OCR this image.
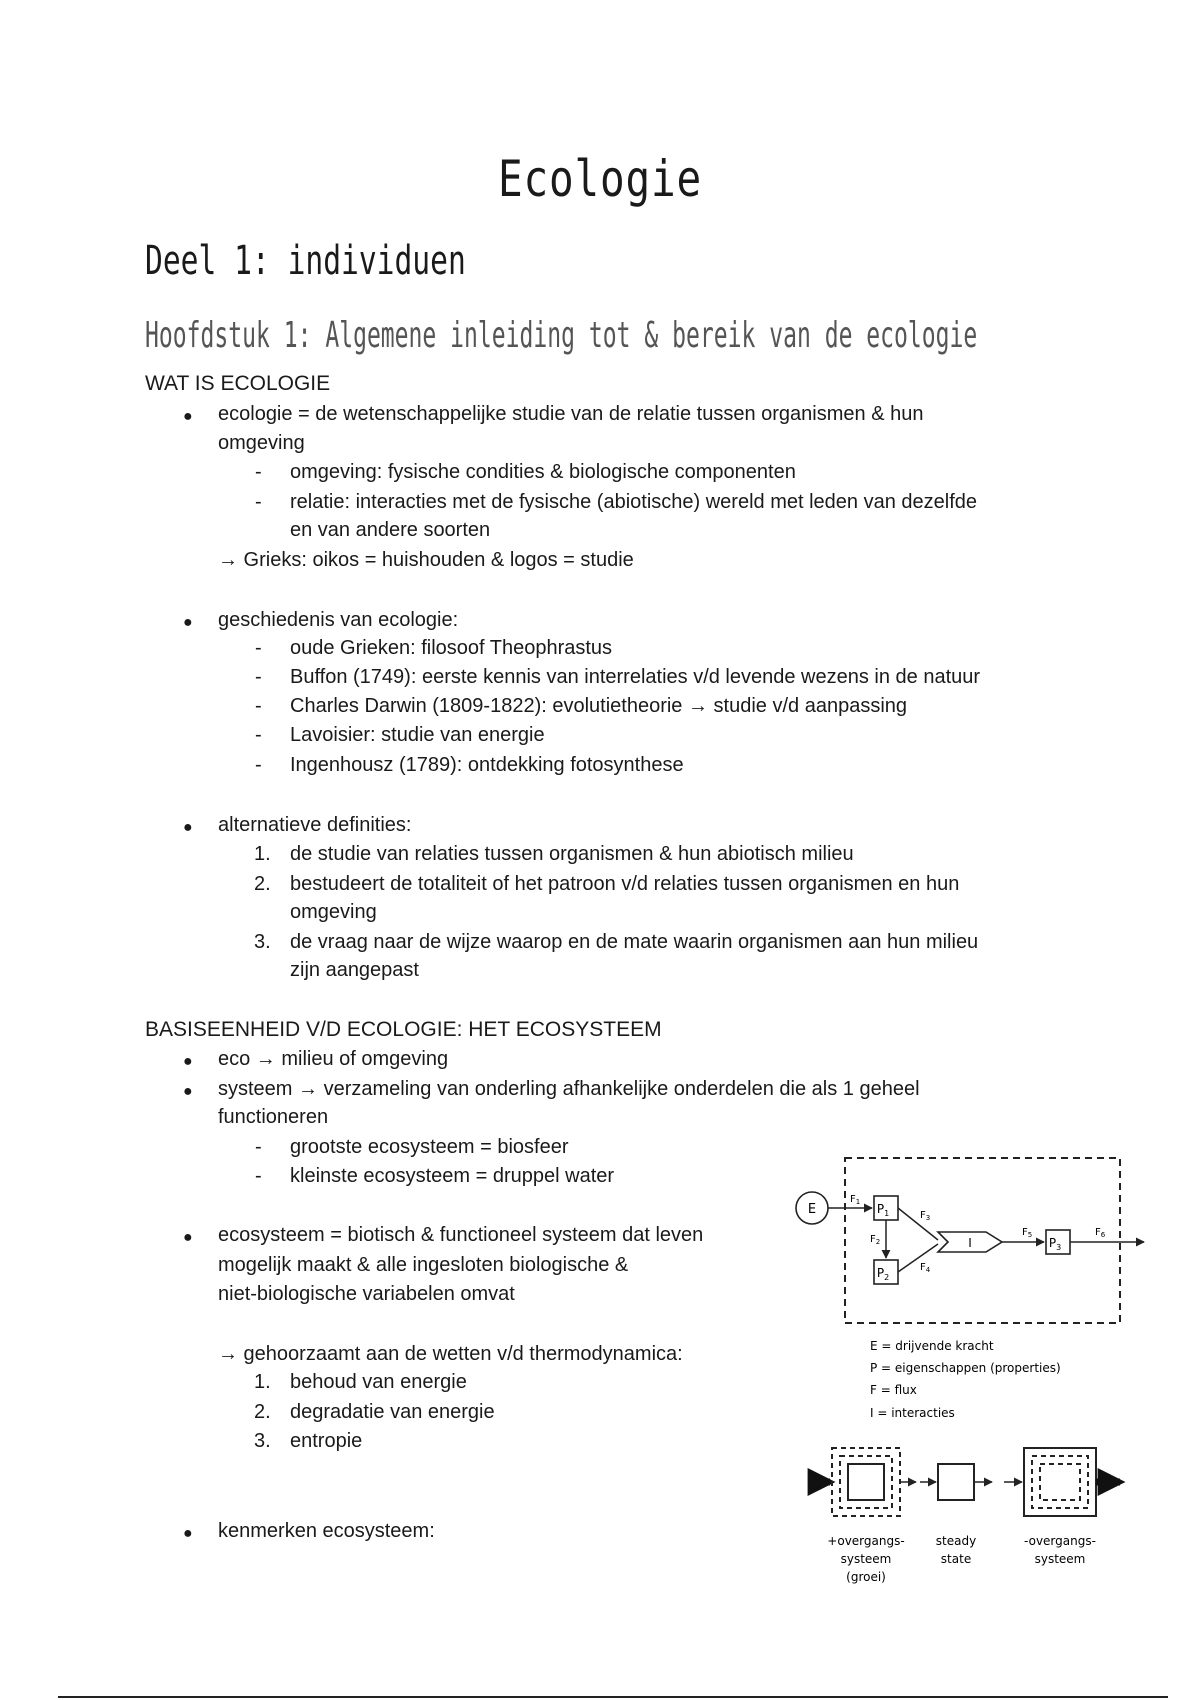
Ecologie
Deel 1: individuen
Hoofdstuk 1: Algemene inleiding tot & bereik van de ecologie
WAT IS ECOLOGIE
● ecologie = de wetenschappelijke studie van de relatie tussen organismen & hun
omgeving
- omgeving: fysische condities & biologische componenten
- relatie: interacties met de fysische (abiotische) wereld met leden van dezelfde
en van andere soorten
→ Grieks: oikos = huishouden & logos = studie
● geschiedenis van ecologie:
- oude Grieken: filosoof Theophrastus
- Buffon (1749): eerste kennis van interrelaties v/d levende wezens in de natuur
- Charles Darwin (1809-1822): evolutietheorie → studie v/d aanpassing
- Lavoisier: studie van energie
- Ingenhousz (1789): ontdekking fotosynthese
● alternatieve definities:
1. de studie van relaties tussen organismen & hun abiotisch milieu
2. bestudeert de totaliteit of het patroon v/d relaties tussen organismen en hun
omgeving
3. de vraag naar de wijze waarop en de mate waarin organismen aan hun milieu
zijn aangepast
BASISEENHEID V/D ECOLOGIE: HET ECOSYSTEEM
● eco → milieu of omgeving
● systeem → verzameling van onderling afhankelijke onderdelen die als 1 geheel
functioneren
- grootste ecosysteem = biosfeer
- kleinste ecosysteem = druppel water
● ecosysteem = biotisch & functioneel systeem dat leven
mogelijk maakt & alle ingesloten biologische &
niet-biologische variabelen omvat
→ gehoorzaamt aan de wetten v/d thermodynamica:
1. behoud van energie
2. degradatie van energie
3. entropie
● kenmerken ecosysteem:
E
$F_1$ $P_1$
$F_2$
$P_2$
$F_3$
$F_4$
I
$F_5$
$P_3$
$F_6$
E = drijvende kracht
P = eigenschappen (properties)
F = flux
I = interacties
+overgangs-
systeem
(groei)
steady
state
-overgangs-
systeem
